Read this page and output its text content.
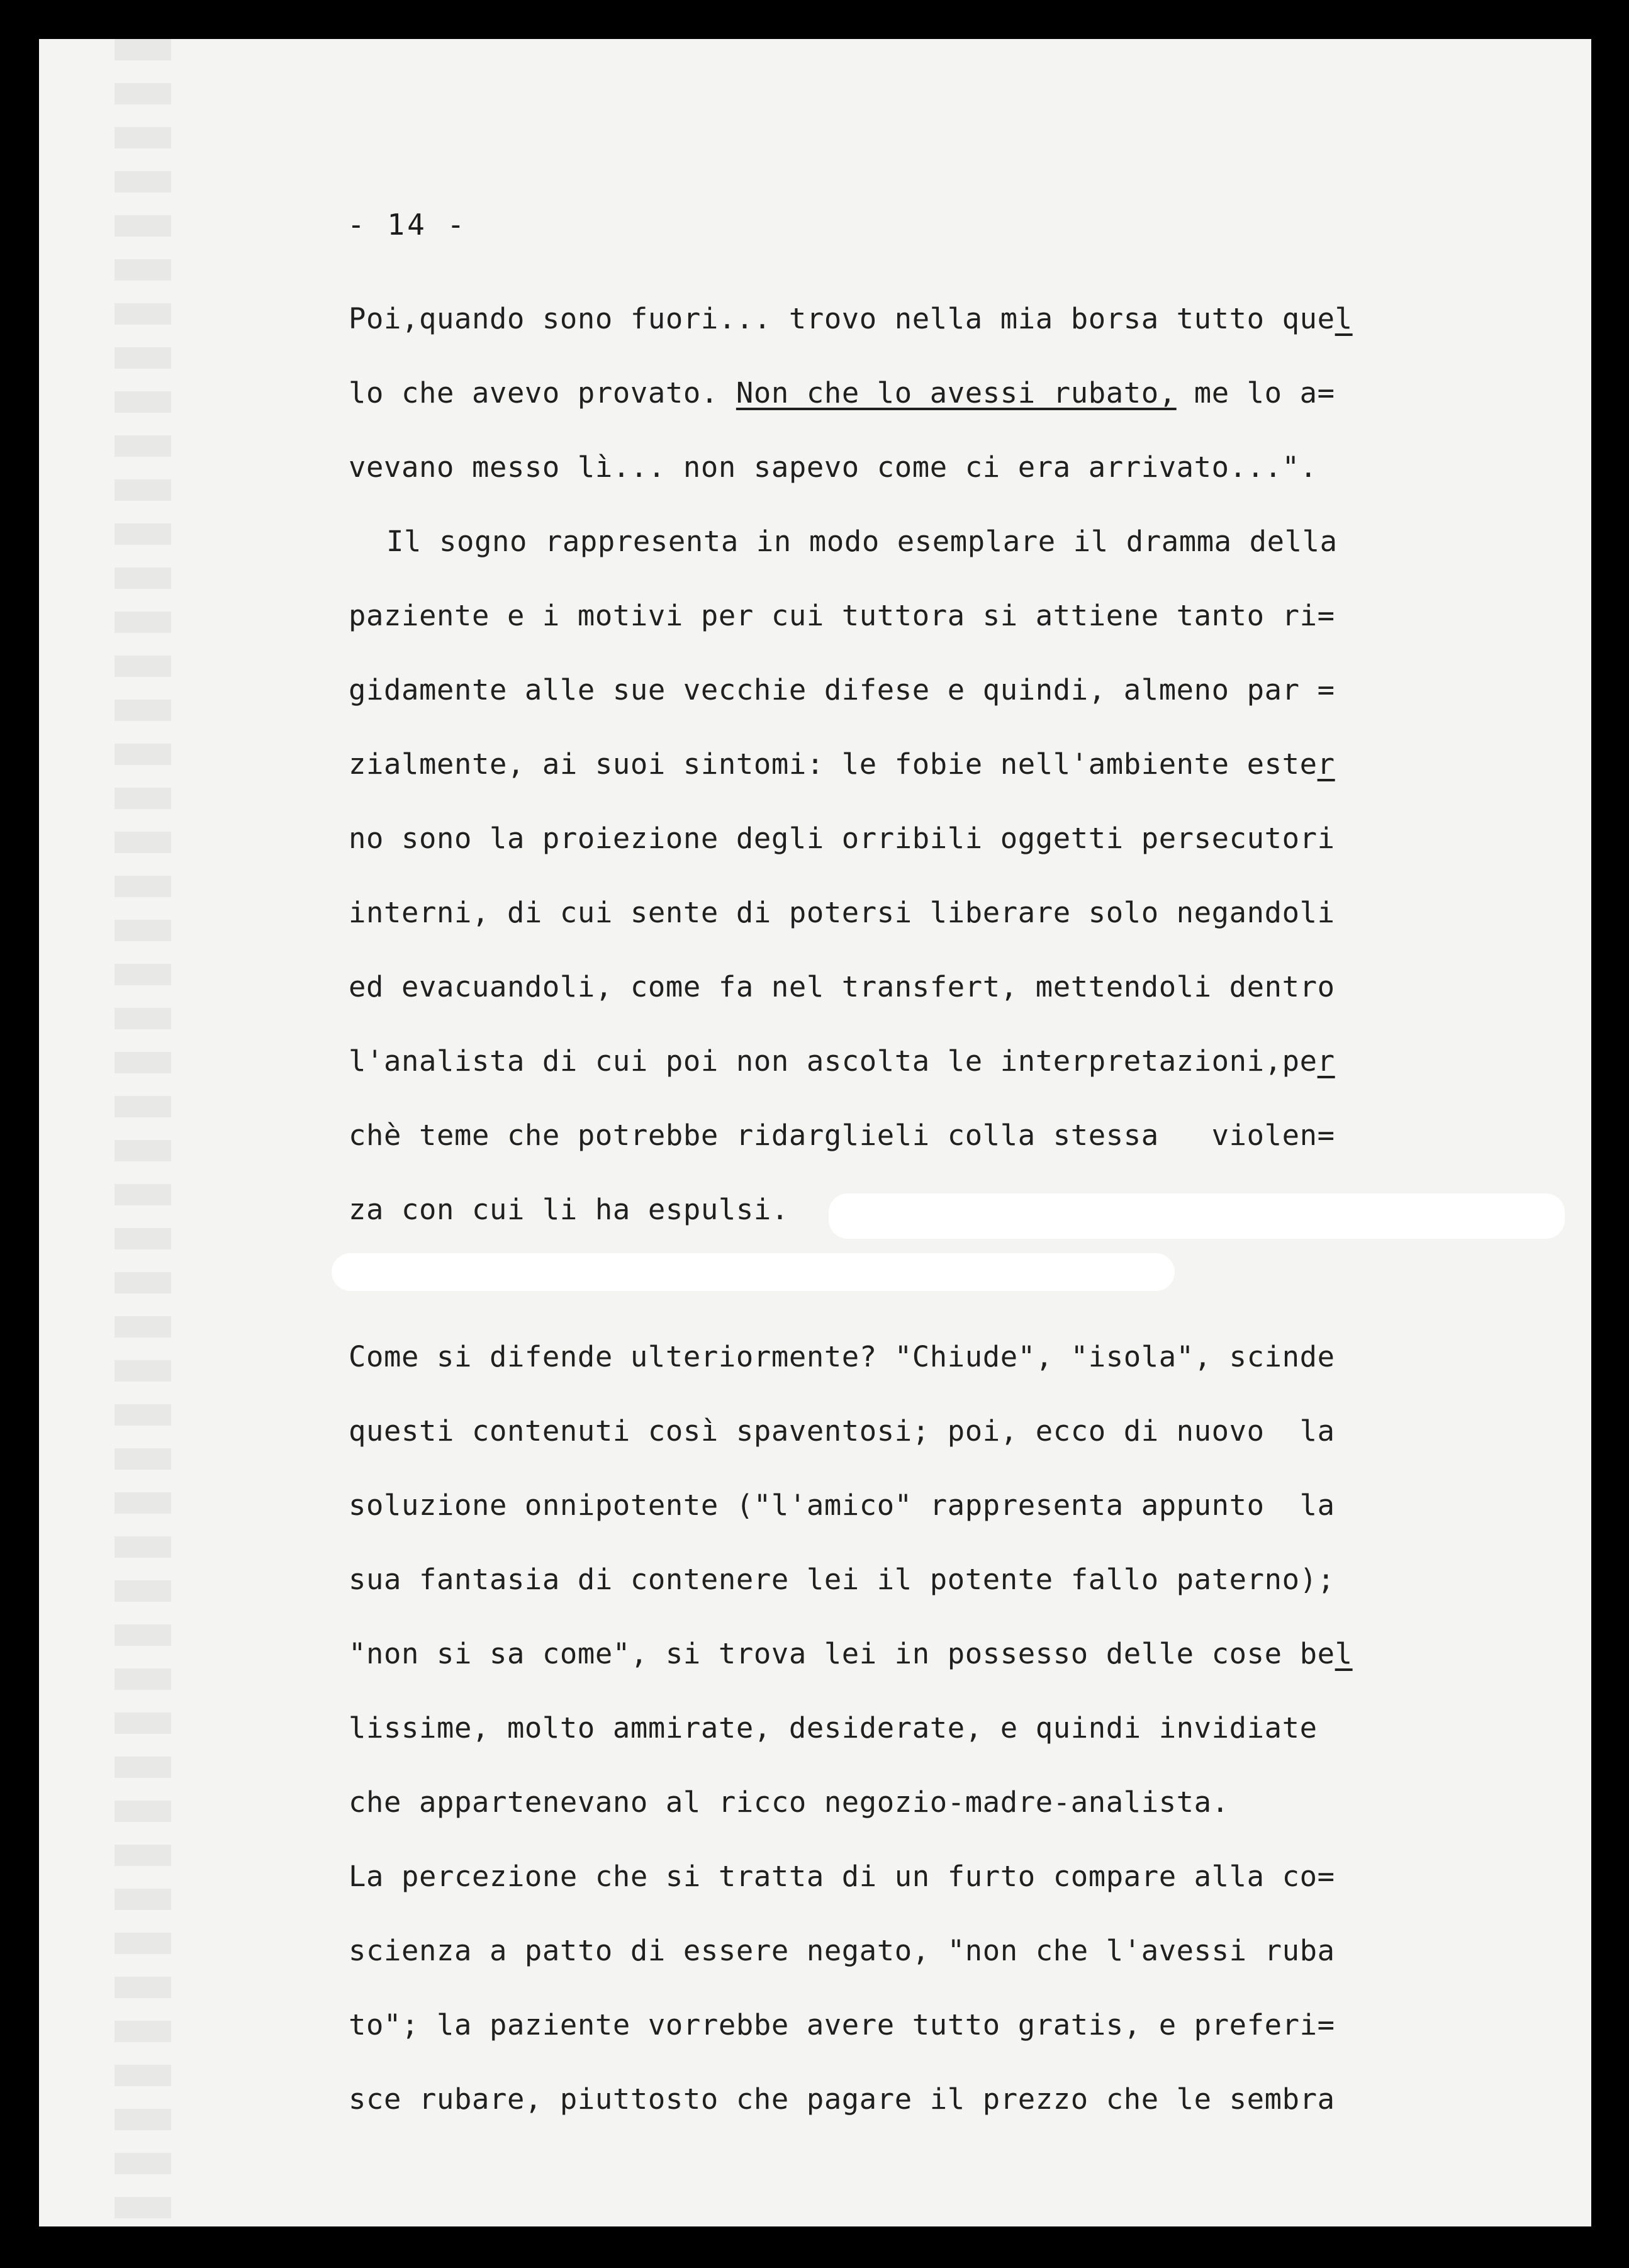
- 14 -
Poi,quando sono fuori... trovo nella mia borsa tutto quel
lo che avevo provato. Non che lo avessi rubato, me lo a=
vevano messo lì... non sapevo come ci era arrivato...".
Il sogno rappresenta in modo esemplare il dramma della
paziente e i motivi per cui tuttora si attiene tanto ri=
gidamente alle sue vecchie difese e quindi, almeno par =
zialmente, ai suoi sintomi: le fobie nell'ambiente ester
no sono la proiezione degli orribili oggetti persecutori
interni, di cui sente di potersi liberare solo negandoli
ed evacuandoli, come fa nel transfert, mettendoli dentro
l'analista di cui poi non ascolta le interpretazioni,per
chè teme che potrebbe ridarglieli colla stessa   violen=
za con cui li ha espulsi.
Come si difende ulteriormente? "Chiude", "isola", scinde
questi contenuti così spaventosi; poi, ecco di nuovo  la
soluzione onnipotente ("l'amico" rappresenta appunto  la
sua fantasia di contenere lei il potente fallo paterno);
"non si sa come", si trova lei in possesso delle cose bel
lissime, molto ammirate, desiderate, e quindi invidiate
che appartenevano al ricco negozio-madre-analista.
La percezione che si tratta di un furto compare alla co=
scienza a patto di essere negato, "non che l'avessi ruba
to"; la paziente vorrebbe avere tutto gratis, e preferi=
sce rubare, piuttosto che pagare il prezzo che le sembra
